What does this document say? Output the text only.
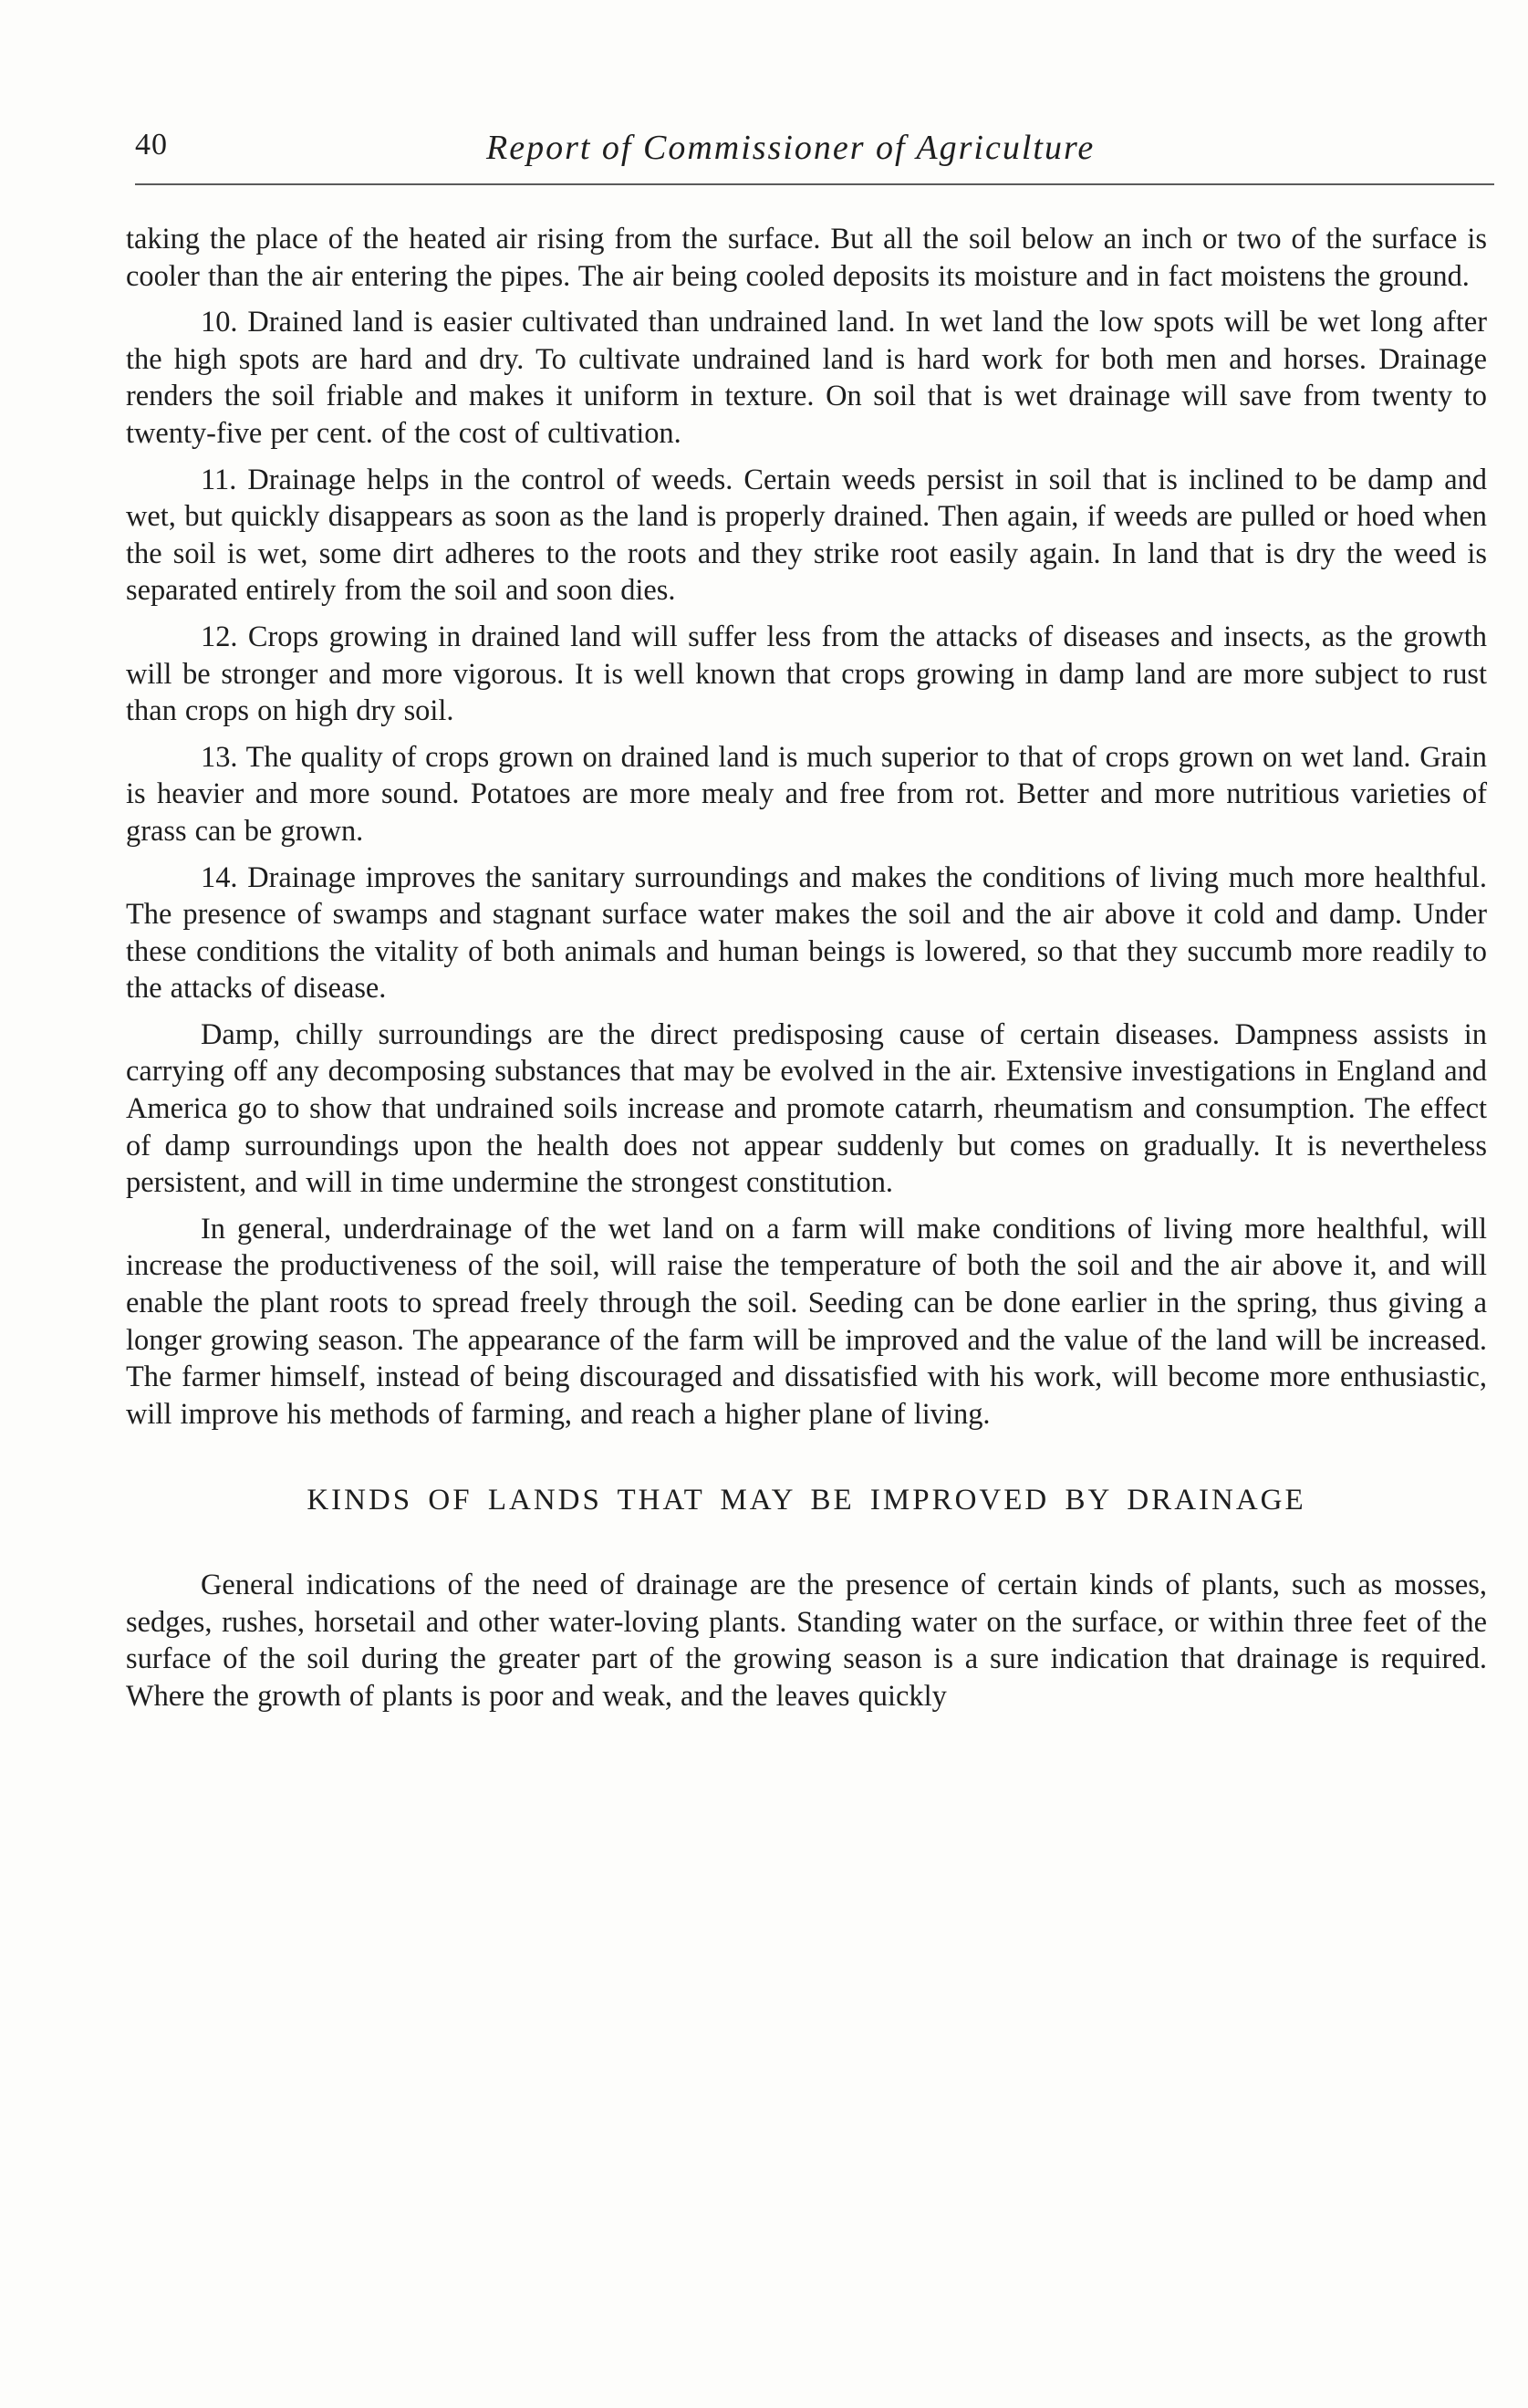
40	Report of Commissioner of Agriculture

taking the place of the heated air rising from the surface. But all the soil below an inch or two of the surface is cooler than the air entering the pipes. The air being cooled deposits its moisture and in fact moistens the ground.

10. Drained land is easier cultivated than undrained land. In wet land the low spots will be wet long after the high spots are hard and dry. To cultivate undrained land is hard work for both men and horses. Drainage renders the soil friable and makes it uniform in texture. On soil that is wet drainage will save from twenty to twenty-five per cent. of the cost of cultivation.

11. Drainage helps in the control of weeds. Certain weeds persist in soil that is inclined to be damp and wet, but quickly disappears as soon as the land is properly drained. Then again, if weeds are pulled or hoed when the soil is wet, some dirt adheres to the roots and they strike root easily again. In land that is dry the weed is separated entirely from the soil and soon dies.

12. Crops growing in drained land will suffer less from the attacks of diseases and insects, as the growth will be stronger and more vigorous. It is well known that crops growing in damp land are more subject to rust than crops on high dry soil.

13. The quality of crops grown on drained land is much superior to that of crops grown on wet land. Grain is heavier and more sound. Potatoes are more mealy and free from rot. Better and more nutritious varieties of grass can be grown.

14. Drainage improves the sanitary surroundings and makes the conditions of living much more healthful. The presence of swamps and stagnant surface water makes the soil and the air above it cold and damp. Under these conditions the vitality of both animals and human beings is lowered, so that they succumb more readily to the attacks of disease.

Damp, chilly surroundings are the direct predisposing cause of certain diseases. Dampness assists in carrying off any decomposing substances that may be evolved in the air. Extensive investigations in England and America go to show that undrained soils increase and promote catarrh, rheumatism and consumption. The effect of damp surroundings upon the health does not appear suddenly but comes on gradually. It is nevertheless persistent, and will in time undermine the strongest constitution.

In general, underdrainage of the wet land on a farm will make conditions of living more healthful, will increase the productiveness of the soil, will raise the temperature of both the soil and the air above it, and will enable the plant roots to spread freely through the soil. Seeding can be done earlier in the spring, thus giving a longer growing season. The appearance of the farm will be improved and the value of the land will be increased. The farmer himself, instead of being discouraged and dissatisfied with his work, will become more enthusiastic, will improve his methods of farming, and reach a higher plane of living.

KINDS OF LANDS THAT MAY BE IMPROVED BY DRAINAGE

General indications of the need of drainage are the presence of certain kinds of plants, such as mosses, sedges, rushes, horsetail and other water-loving plants. Standing water on the surface, or within three feet of the surface of the soil during the greater part of the growing season is a sure indication that drainage is required. Where the growth of plants is poor and weak, and the leaves quickly
